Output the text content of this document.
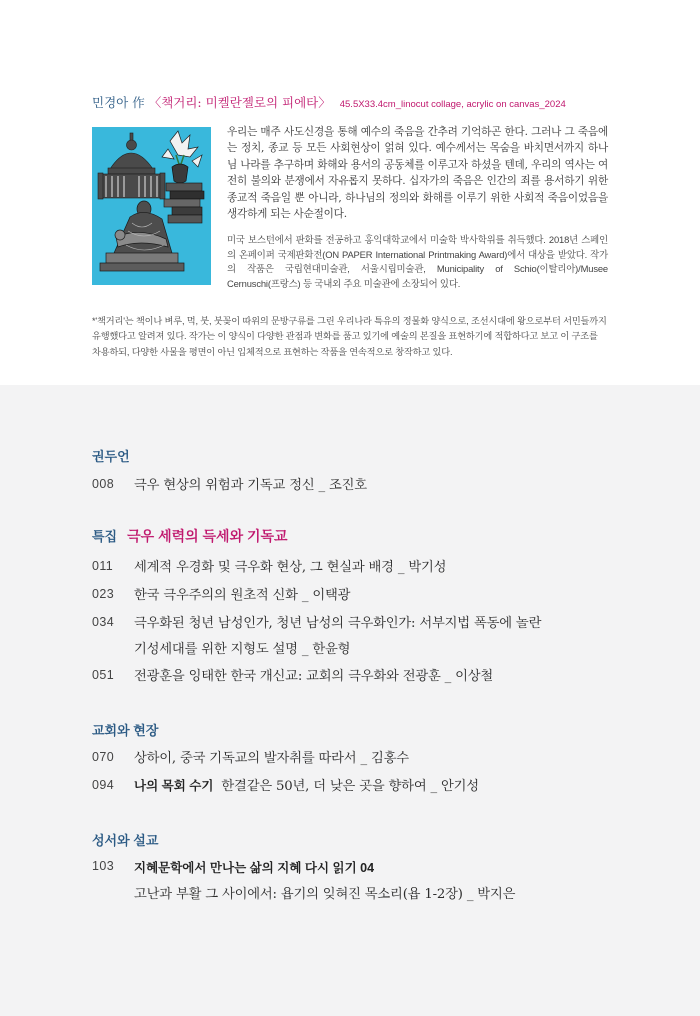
민경아 作 〈책거리: 미켈란젤로의 피에타〉 45.5X33.4cm_linocut collage, acrylic on canvas_2024

우리는 매주 사도신경을 통해 예수의 죽음을 간추려 기억하곤 한다. 그러나 그 죽음에는 정치, 종교 등 모든 사회현상이 얽혀 있다. 예수께서는 목숨을 바치면서까지 하나님 나라를 추구하며 화해와 용서의 공동체를 이루고자 하셨을 텐데, 우리의 역사는 여전히 불의와 분쟁에서 자유롭지 못하다. 십자가의 죽음은 인간의 죄를 용서하기 위한 종교적 죽음일 뿐 아니라, 하나님의 정의와 화해를 이루기 위한 사회적 죽음이었음을 생각하게 되는 사순절이다.

미국 보스턴에서 판화를 전공하고 홍익대학교에서 미술학 박사학위를 취득했다. 2018년 스페인의 온페이퍼 국제판화전(ON PAPER International Printmaking Award)에서 대상을 받았다. 작가의 작품은 국립현대미술관, 서울시립미술관, Municipality of Schio(이탈리아)/Musee Cernuschi(프랑스) 등 국내외 주요 미술관에 소장되어 있다.

*'책거리'는 책이나 벼루, 먹, 붓, 붓꽂이 따위의 문방구류를 그린 우리나라 특유의 정물화 양식으로, 조선시대에 왕으로부터 서민들까지 유행했다고 알려져 있다. 작가는 이 양식이 다양한 관점과 변화를 품고 있기에 예술의 본질을 표현하기에 적합하다고 보고 이 구조를 차용하되, 다양한 사물을 평면이 아닌 입체적으로 표현하는 작품을 연속적으로 창작하고 있다.

권두언
008 극우 현상의 위험과 기독교 정신 _ 조진호
특집 극우 세력의 득세와 기독교
011 세계적 우경화 및 극우화 현상, 그 현실과 배경 _ 박기성
023 한국 극우주의의 원초적 신화 _ 이택광
034 극우화된 청년 남성인가, 청년 남성의 극우화인가: 서부지법 폭동에 놀란
기성세대를 위한 지형도 설명 _ 한윤형
051 전광훈을 잉태한 한국 개신교: 교회의 극우화와 전광훈 _ 이상철
교회와 현장
070 상하이, 중국 기독교의 발자취를 따라서 _ 김홍수
094 나의 목회 수기 한결같은 50년, 더 낮은 곳을 향하여 _ 안기성
성서와 설교
103 지혜문학에서 만나는 삶의 지혜 다시 읽기 04
고난과 부활 그 사이에서: 욥기의 잊혀진 목소리(욥 1-2장) _ 박지은
